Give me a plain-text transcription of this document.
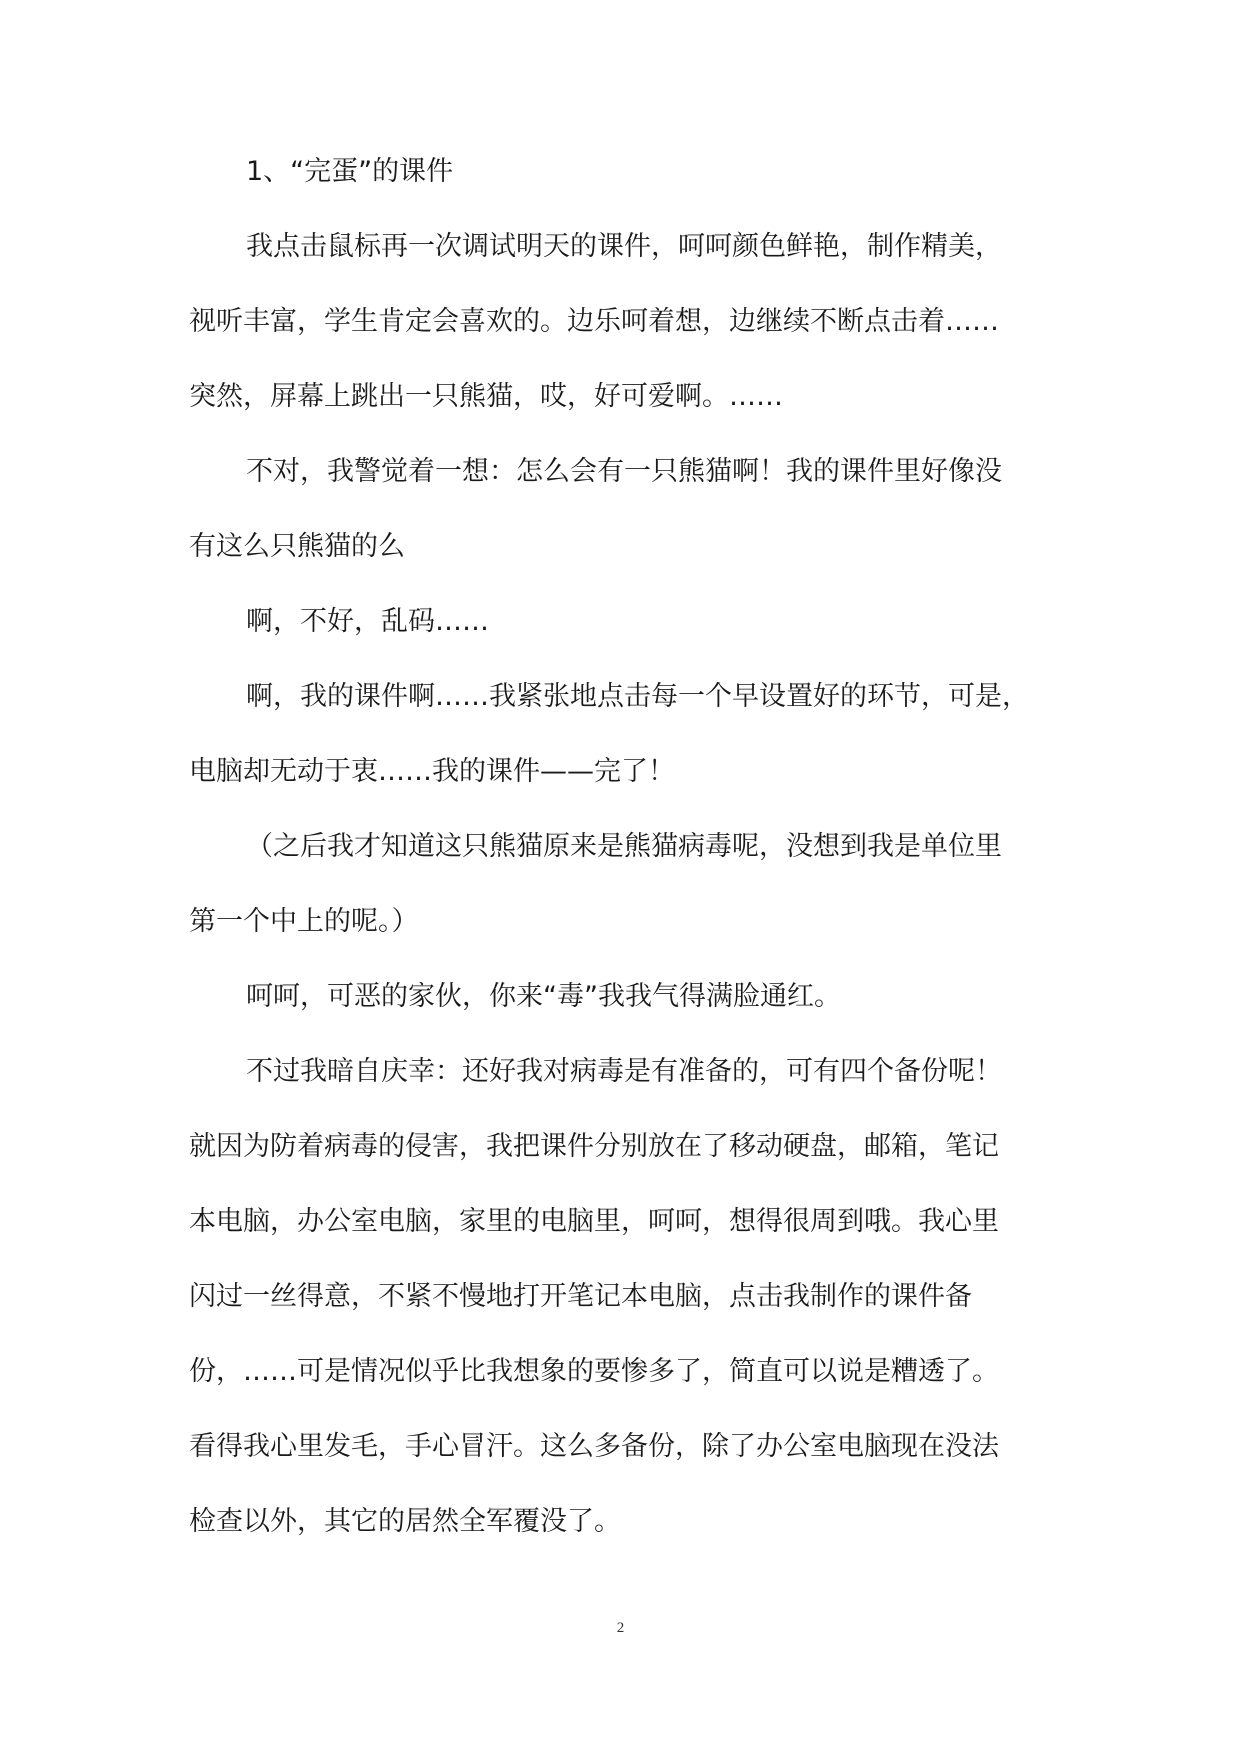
1、“完蛋”的课件
我点击鼠标再一次调试明天的课件，呵呵颜色鲜艳，制作精美，
视听丰富，学生肯定会喜欢的。边乐呵着想，边继续不断点击着……
突然，屏幕上跳出一只熊猫，哎，好可爱啊。……
不对，我警觉着一想：怎么会有一只熊猫啊！我的课件里好像没
有这么只熊猫的么
啊，不好，乱码……
啊，我的课件啊……我紧张地点击每一个早设置好的环节，可是，
电脑却无动于衷……我的课件——完了！
（之后我才知道这只熊猫原来是熊猫病毒呢，没想到我是单位里
第一个中上的呢。）
呵呵，可恶的家伙，你来“毒”我我气得满脸通红。
不过我暗自庆幸：还好我对病毒是有准备的，可有四个备份呢！
就因为防着病毒的侵害，我把课件分别放在了移动硬盘，邮箱，笔记
本电脑，办公室电脑，家里的电脑里，呵呵，想得很周到哦。我心里
闪过一丝得意，不紧不慢地打开笔记本电脑，点击我制作的课件备
份，……可是情况似乎比我想象的要惨多了，简直可以说是糟透了。
看得我心里发毛，手心冒汗。这么多备份，除了办公室电脑现在没法
检查以外，其它的居然全军覆没了。
2
